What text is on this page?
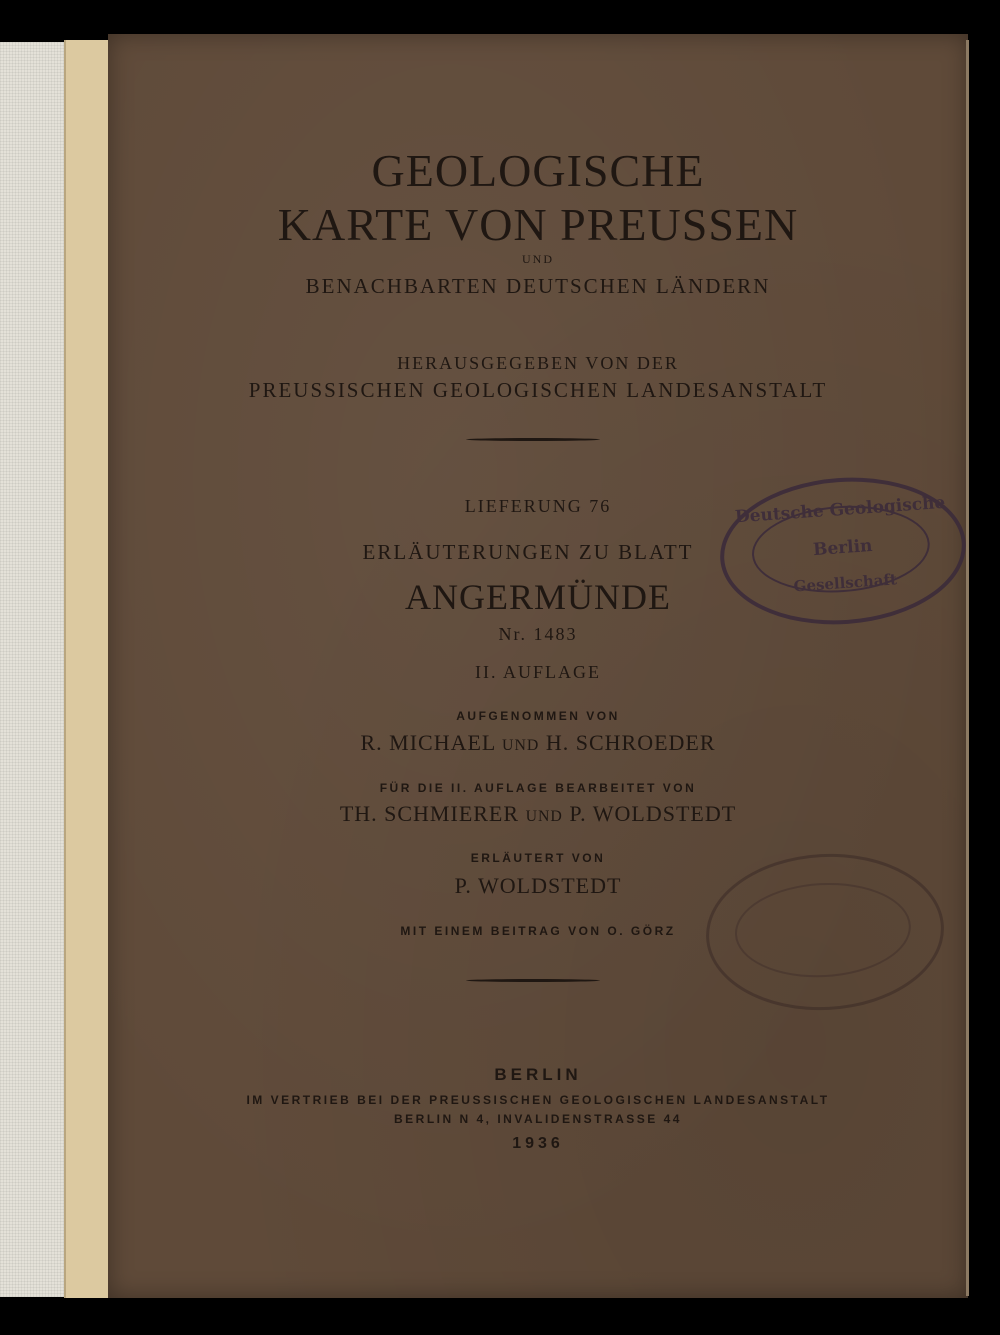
GEOLOGISCHE
KARTE VON PREUSSEN
UND
BENACHBARTEN DEUTSCHEN LÄNDERN
HERAUSGEGEBEN VON DER
PREUSSISCHEN GEOLOGISCHEN LANDESANSTALT
LIEFERUNG 76
ERLÄUTERUNGEN ZU BLATT
ANGERMÜNDE
Nr. 1483
II. AUFLAGE
AUFGENOMMEN VON
R. MICHAEL UND H. SCHROEDER
FÜR DIE II. AUFLAGE BEARBEITET VON
TH. SCHMIERER UND P. WOLDSTEDT
ERLÄUTERT VON
P. WOLDSTEDT
MIT EINEM BEITRAG VON O. GÖRZ
BERLIN
IM VERTRIEB BEI DER PREUSSISCHEN GEOLOGISCHEN LANDESANSTALT
BERLIN N 4, INVALIDENSTRASSE 44
1936
Deutsche Geologische
Berlin
Gesellschaft
